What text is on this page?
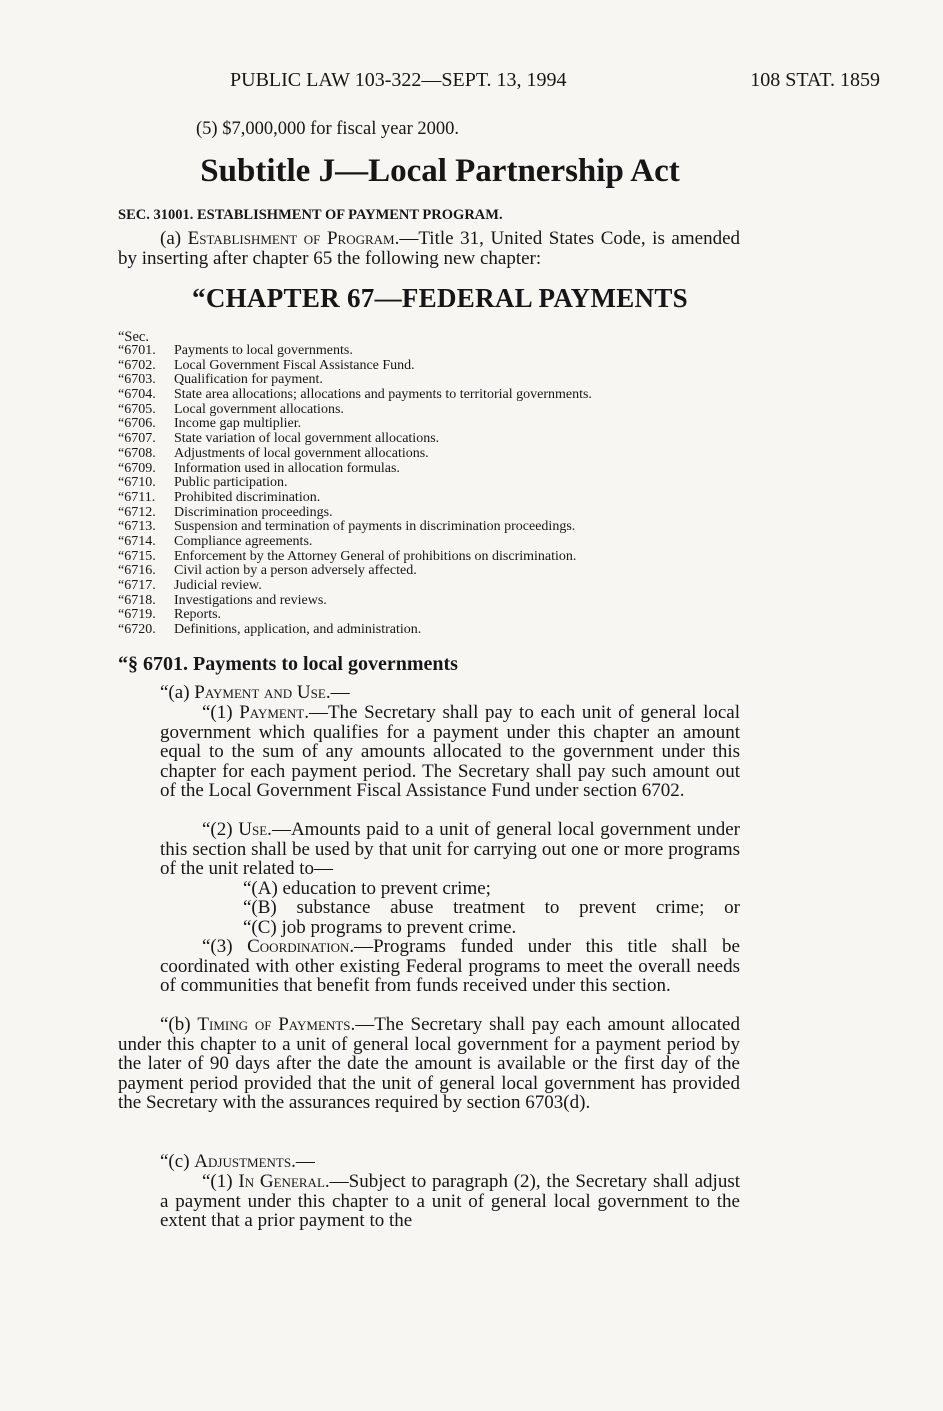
PUBLIC LAW 103-322—SEPT. 13, 1994	108 STAT. 1859
(5) $7,000,000 for fiscal year 2000.
Subtitle J—Local Partnership Act
SEC. 31001. ESTABLISHMENT OF PAYMENT PROGRAM.
(a) Establishment of Program.—Title 31, United States Code, is amended by inserting after chapter 65 the following new chapter:
“CHAPTER 67—FEDERAL PAYMENTS
“Sec.
“6701. Payments to local governments.
“6702. Local Government Fiscal Assistance Fund.
“6703. Qualification for payment.
“6704. State area allocations; allocations and payments to territorial governments.
“6705. Local government allocations.
“6706. Income gap multiplier.
“6707. State variation of local government allocations.
“6708. Adjustments of local government allocations.
“6709. Information used in allocation formulas.
“6710. Public participation.
“6711. Prohibited discrimination.
“6712. Discrimination proceedings.
“6713. Suspension and termination of payments in discrimination proceedings.
“6714. Compliance agreements.
“6715. Enforcement by the Attorney General of prohibitions on discrimination.
“6716. Civil action by a person adversely affected.
“6717. Judicial review.
“6718. Investigations and reviews.
“6719. Reports.
“6720. Definitions, application, and administration.
“§ 6701. Payments to local governments

“(a) Payment and Use.—

“(1) Payment.—The Secretary shall pay to each unit of general local government which qualifies for a payment under this chapter an amount equal to the sum of any amounts allocated to the government under this chapter for each payment period. The Secretary shall pay such amount out of the Local Government Fiscal Assistance Fund under section 6702.
“(2) Use.—Amounts paid to a unit of general local government under this section shall be used by that unit for carrying out one or more programs of the unit related to—
“(A) education to prevent crime;
“(B) substance abuse treatment to prevent crime; or
“(C) job programs to prevent crime.
“(3) Coordination.—Programs funded under this title shall be coordinated with other existing Federal programs to meet the overall needs of communities that benefit from funds received under this section.
“(b) Timing of Payments.—The Secretary shall pay each amount allocated under this chapter to a unit of general local government for a payment period by the later of 90 days after the date the amount is available or the first day of the payment period provided that the unit of general local government has provided the Secretary with the assurances required by section 6703(d).
“(c) Adjustments.—
“(1) In General.—Subject to paragraph (2), the Secretary shall adjust a payment under this chapter to a unit of general local government to the extent that a prior payment to the
